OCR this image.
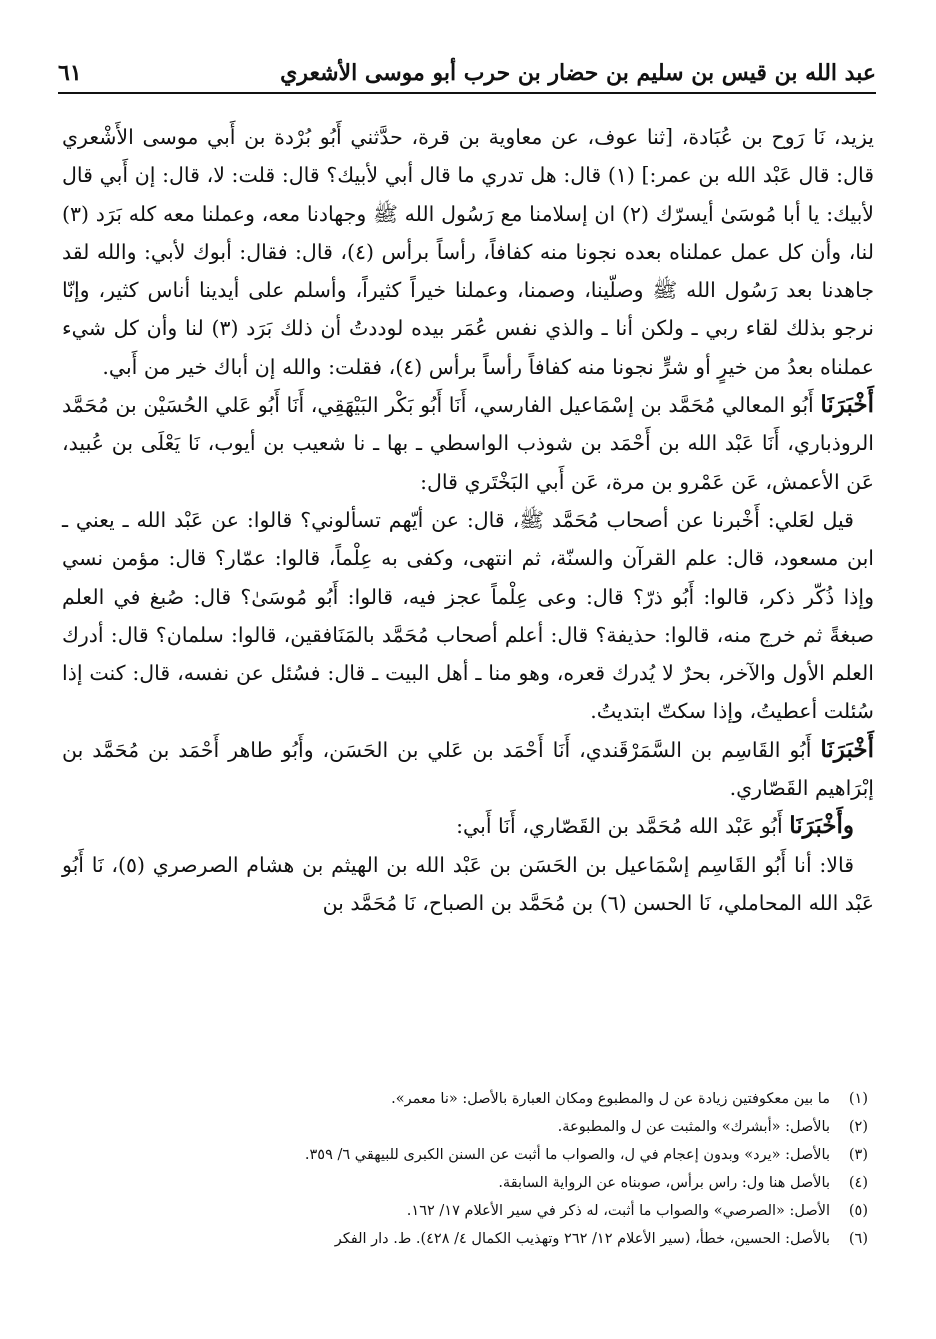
عبد الله بن قيس بن سليم بن حضار بن حرب أبو موسى الأشعري
٦١

يزيد، نَا رَوح بن عُبَادة، [ثنا عوف، عن معاوية بن قرة، حدَّثني أَبُو بُرْدة بن أَبي موسى الأَشْعري قال: قال عَبْد الله بن عمر:] (١) قال: هل تدري ما قال أبي لأبيك؟ قال: قلت: لا، قال: إن أَبي قال لأبيك: يا أبا مُوسَىٰ أيسرّك (٢) ان إسلامنا مع رَسُول الله ﷺ وجهادنا معه، وعملنا معه كله بَرَد (٣) لنا، وأن كل عمل عملناه بعده نجونا منه كفافاً، رأساً برأس (٤)، قال: فقال: أبوك لأبي: والله لقد جاهدنا بعد رَسُول الله ﷺ وصلّينا، وصمنا، وعملنا خيراً كثيراً، وأسلم على أيدينا أناس كثير، وإنّا نرجو بذلك لقاء ربي ـ ولكن أنا ـ والذي نفس عُمَر بيده لوددتُ أن ذلك بَرَد (٣) لنا وأن كل شيء عملناه بعدُ من خيرٍ أو شرٍّ نجونا منه كفافاً رأساً برأس (٤)، فقلت: والله إن أباك خير من أَبي.

أَخْبَرَنَا أَبُو المعالي مُحَمَّد بن إسْمَاعيل الفارسي، أَنَا أَبُو بَكْر البَيْهَقِي، أَنَا أَبُو عَلي الحُسَيْن بن مُحَمَّد الروذباري، أَنَا عَبْد الله بن أَحْمَد بن شوذب الواسطي ـ بها ـ نا شعيب بن أيوب، نَا يَعْلَى بن عُبيد، عَن الأعمش، عَن عَمْرو بن مرة، عَن أَبي البَخْتَري قال:

قيل لعَلي: أَخْبرنا عن أصحاب مُحَمَّد ﷺ، قال: عن أيّهم تسألوني؟ قالوا: عن عَبْد الله ـ يعني ـ ابن مسعود، قال: علم القرآن والسنّة، ثم انتهى، وكفى به عِلْماً، قالوا: عمّار؟ قال: مؤمن نسي وإذا ذُكّر ذكر، قالوا: أَبُو ذرّ؟ قال: وعى عِلْماً عجز فيه، قالوا: أَبُو مُوسَىٰ؟ قال: صُبغ في العلم صبغةً ثم خرج منه، قالوا: حذيفة؟ قال: أعلم أصحاب مُحَمَّد بالمَنَافقين، قالوا: سلمان؟ قال: أدرك العلم الأول والآخر، بحرٌ لا يُدرك قعره، وهو منا ـ أهل البيت ـ قال: فسُئل عن نفسه، قال: كنت إذا سُئلت أعطيتُ، وإذا سكتّ ابتديتُ.

أَخْبَرَنَا أَبُو القَاسِم بن السَّمَرْقَندي، أَنَا أَحْمَد بن عَلي بن الحَسَن، وأَبُو طاهر أَحْمَد بن مُحَمَّد بن إبْرَاهيم القَصّاري.

وأَخْبَرَنَا أَبُو عَبْد الله مُحَمَّد بن القَصّاري، أَنَا أَبي:

قالا: أنا أَبُو القَاسِم إسْمَاعيل بن الحَسَن بن عَبْد الله بن الهيثم بن هشام الصرصري (٥)، نَا أَبُو عَبْد الله المحاملي، نَا الحسن (٦) بن مُحَمَّد بن الصباح، نَا مُحَمَّد بن

(١)
ما بين معكوفتين زيادة عن ل والمطبوع ومكان العبارة بالأصل: «نا معمر».
(٢)
بالأصل: «أبشرك» والمثبت عن ل والمطبوعة.
(٣)
بالأصل: «يرد» وبدون إعجام في ل، والصواب ما أثبت عن السنن الكبرى للبيهقي ٦/ ٣٥٩.
(٤)
بالأصل هنا ول: راس برأس، صوبناه عن الرواية السابقة.
(٥)
الأصل: «الصرصي» والصواب ما أثبت، له ذكر في سير الأعلام ١٧/ ١٦٢.
(٦)
بالأصل: الحسين، خطأ، (سير الأعلام ١٢/ ٢٦٢ وتهذيب الكمال ٤/ ٤٢٨). ط. دار الفكر
